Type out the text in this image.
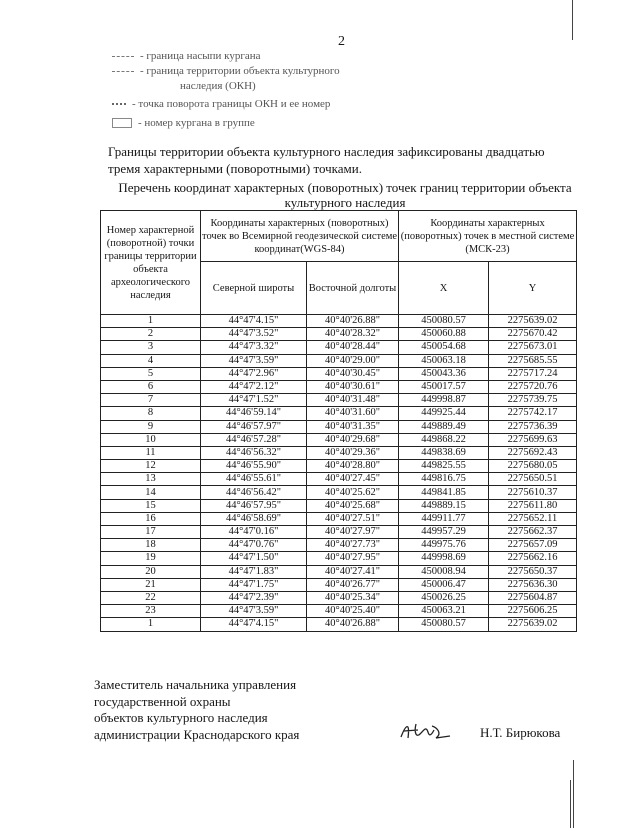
2
- граница насыпи кургана
- граница территории объекта культурного
наследия (ОКН)
- точка поворота границы ОКН и ее номер
- номер кургана в группе
Границы территории объекта культурного наследия зафиксированы двадцатью тремя характерными (поворотными) точками.
Перечень координат характерных (поворотных) точек границ территории объекта культурного наследия
Номер характерной (поворотной) точки границы территории объекта археологического наследия	Координаты характерных (поворотных) точек во Всемирной геодезической системе координат(WGS-84)		Координаты характерных (поворотных) точек в местной системе (МСК-23)	
	Северной широты	Восточной долготы	X	Y
1	44°47'4.15"	40°40'26.88"	450080.57	2275639.02
2	44°47'3.52"	40°40'28.32"	450060.88	2275670.42
3	44°47'3.32"	40°40'28.44"	450054.68	2275673.01
4	44°47'3.59"	40°40'29.00"	450063.18	2275685.55
5	44°47'2.96"	40°40'30.45"	450043.36	2275717.24
6	44°47'2.12"	40°40'30.61"	450017.57	2275720.76
7	44°47'1.52"	40°40'31.48"	449998.87	2275739.75
8	44°46'59.14"	40°40'31.60"	449925.44	2275742.17
9	44°46'57.97"	40°40'31.35"	449889.49	2275736.39
10	44°46'57.28"	40°40'29.68"	449868.22	2275699.63
11	44°46'56.32"	40°40'29.36"	449838.69	2275692.43
12	44°46'55.90"	40°40'28.80"	449825.55	2275680.05
13	44°46'55.61"	40°40'27.45"	449816.75	2275650.51
14	44°46'56.42"	40°40'25.62"	449841.85	2275610.37
15	44°46'57.95"	40°40'25.68"	449889.15	2275611.80
16	44°46'58.69"	40°40'27.51"	449911.77	2275652.11
17	44°47'0.16"	40°40'27.97"	449957.29	2275662.37
18	44°47'0.76"	40°40'27.73"	449975.76	2275657.09
19	44°47'1.50"	40°40'27.95"	449998.69	2275662.16
20	44°47'1.83"	40°40'27.41"	450008.94	2275650.37
21	44°47'1.75"	40°40'26.77"	450006.47	2275636.30
22	44°47'2.39"	40°40'25.34"	450026.25	2275604.87
23	44°47'3.59"	40°40'25.40"	450063.21	2275606.25
1	44°47'4.15"	40°40'26.88"	450080.57	2275639.02
Заместитель начальника управления
государственной охраны
объектов культурного наследия
администрации Краснодарского края	Н.Т. Бирюкова
